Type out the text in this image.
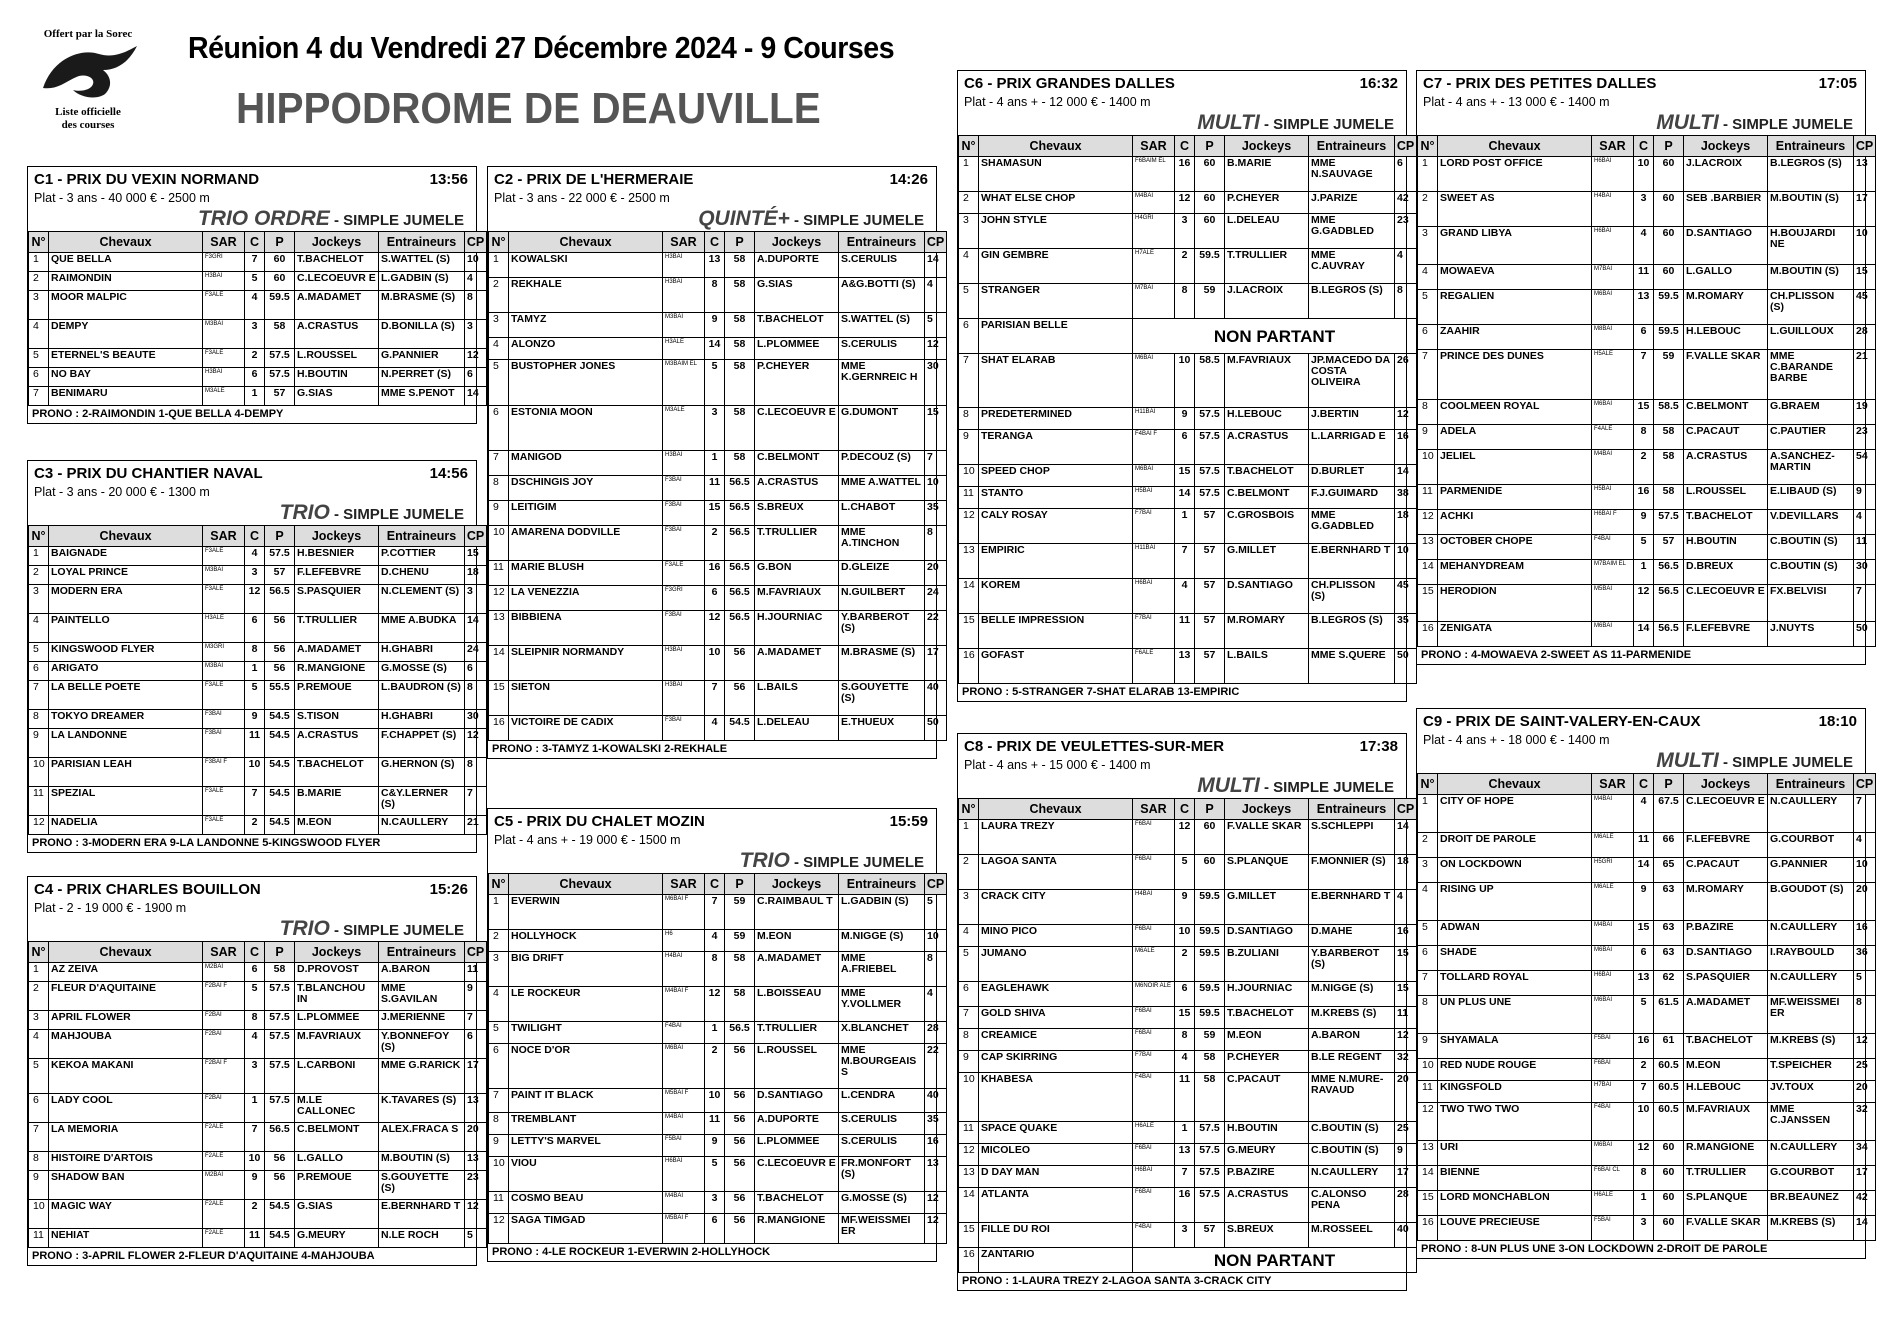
Offert par la Sorec
Liste officielle
des courses
Réunion 4 du Vendredi 27 Décembre 2024 - 9 Courses
HIPPODROME DE DEAUVILLE
C1 - PRIX DU VEXIN NORMAND	13:56
Plat - 3 ans - 40 000 € - 2500 m
TRIO ORDRE - SIMPLE JUMELE
N°	Chevaux	SAR	C	P	Jockeys	Entraineurs	CP
1	QUE BELLA	F3GRI	7	60	T.BACHELOT	S.WATTEL (S)	10
2	RAIMONDIN	H3BAI	5	60	C.LECOEUVR E	L.GADBIN (S)	4
3	MOOR MALPIC	F3ALE	4	59.5	A.MADAMET	M.BRASME (S)	8
4	DEMPY	M3BAI	3	58	A.CRASTUS	D.BONILLA (S)	3
5	ETERNEL'S BEAUTE	F3ALE	2	57.5	L.ROUSSEL	G.PANNIER	12
6	NO BAY	H3BAI	6	57.5	H.BOUTIN	N.PERRET (S)	6
7	BENIMARU	M3ALE	1	57	G.SIAS	MME S.PENOT	14
PRONO : 2-RAIMONDIN 1-QUE BELLA 4-DEMPY
C2 - PRIX DE L'HERMERAIE	14:26
Plat - 3 ans - 22 000 € - 2500 m
QUINTÉ+ - SIMPLE JUMELE
N°	Chevaux	SAR	C	P	Jockeys	Entraineurs	CP
1	KOWALSKI	H3BAI	13	58	A.DUPORTE	S.CERULIS	14
2	REKHALE	H3BAI	8	58	G.SIAS	A&G.BOTTI (S)	4
3	TAMYZ	M3BAI	9	58	T.BACHELOT	S.WATTEL (S)	5
4	ALONZO	H3ALE	14	58	L.PLOMMEE	S.CERULIS	12
5	BUSTOPHER JONES	M3BAIM EL	5	58	P.CHEYER	MME K.GERNREIC H	30
6	ESTONIA MOON	M3ALE	3	58	C.LECOEUVR E	G.DUMONT	15
7	MANIGOD	H3BAI	1	58	C.BELMONT	P.DECOUZ (S)	7
8	DSCHINGIS JOY	F3BAI	11	56.5	A.CRASTUS	MME A.WATTEL	10
9	LEITIGIM	F3BAI	15	56.5	S.BREUX	L.CHABOT	35
10	AMARENA DODVILLE	F3BAI	2	56.5	T.TRULLIER	MME A.TINCHON	8
11	MARIE BLUSH	F3ALE	16	56.5	G.BON	D.GLEIZE	20
12	LA VENEZZIA	F3GRI	6	56.5	M.FAVRIAUX	N.GUILBERT	24
13	BIBBIENA	F3BAI	12	56.5	H.JOURNIAC	Y.BARBEROT (S)	22
14	SLEIPNIR NORMANDY	H3BAI	10	56	A.MADAMET	M.BRASME (S)	17
15	SIETON	H3BAI	7	56	L.BAILS	S.GOUYETTE (S)	40
16	VICTOIRE DE CADIX	F3BAI	4	54.5	L.DELEAU	E.THUEUX	50
PRONO : 3-TAMYZ 1-KOWALSKI 2-REKHALE
C3 - PRIX DU CHANTIER NAVAL	14:56
Plat - 3 ans - 20 000 € - 1300 m
TRIO - SIMPLE JUMELE
N°	Chevaux	SAR	C	P	Jockeys	Entraineurs	CP
1	BAIGNADE	F3ALE	4	57.5	H.BESNIER	P.COTTIER	15
2	LOYAL PRINCE	M3BAI	3	57	F.LEFEBVRE	D.CHENU	18
3	MODERN ERA	F3ALE	12	56.5	S.PASQUIER	N.CLEMENT (S)	3
4	PAINTELLO	H3ALE	6	56	T.TRULLIER	MME A.BUDKA	14
5	KINGSWOOD FLYER	M3GRI	8	56	A.MADAMET	H.GHABRI	24
6	ARIGATO	M3BAI	1	56	R.MANGIONE	G.MOSSE (S)	6
7	LA BELLE POETE	F3ALE	5	55.5	P.REMOUE	L.BAUDRON (S)	8
8	TOKYO DREAMER	F3BAI	9	54.5	S.TISON	H.GHABRI	30
9	LA LANDONNE	F3BAI	11	54.5	A.CRASTUS	F.CHAPPET (S)	12
10	PARISIAN LEAH	F3BAI F	10	54.5	T.BACHELOT	G.HERNON (S)	8
11	SPEZIAL	F3ALE	7	54.5	B.MARIE	C&Y.LERNER (S)	7
12	NADELIA	F3ALE	2	54.5	M.EON	N.CAULLERY	21
PRONO : 3-MODERN ERA 9-LA LANDONNE 5-KINGSWOOD FLYER
C4 - PRIX CHARLES BOUILLON	15:26
Plat - 2 - 19 000 € - 1900 m
TRIO - SIMPLE JUMELE
N°	Chevaux	SAR	C	P	Jockeys	Entraineurs	CP
1	AZ ZEIVA	M2BAI	6	58	D.PROVOST	A.BARON	11
2	FLEUR D'AQUITAINE	F2BAI F	5	57.5	T.BLANCHOU IN	MME S.GAVILAN	9
3	APRIL FLOWER	F2BAI	8	57.5	L.PLOMMEE	J.MERIENNE	7
4	MAHJOUBA	F2BAI	4	57.5	M.FAVRIAUX	Y.BONNEFOY (S)	6
5	KEKOA MAKANI	F2BAI F	3	57.5	L.CARBONI	MME G.RARICK	17
6	LADY COOL	F2BAI	1	57.5	M.LE CALLONEC	K.TAVARES (S)	13
7	LA MEMORIA	F2ALE	7	56.5	C.BELMONT	ALEX.FRACA S	20
8	HISTOIRE D'ARTOIS	F2ALE	10	56	L.GALLO	M.BOUTIN (S)	13
9	SHADOW BAN	M2BAI	9	56	P.REMOUE	S.GOUYETTE (S)	23
10	MAGIC WAY	F2ALE	2	54.5	G.SIAS	E.BERNHARD T	12
11	NEHIAT	F2ALE	11	54.5	G.MEURY	N.LE ROCH	5
PRONO : 3-APRIL FLOWER 2-FLEUR D'AQUITAINE 4-MAHJOUBA
C5 - PRIX DU CHALET MOZIN	15:59
Plat - 4 ans + - 19 000 € - 1500 m
TRIO - SIMPLE JUMELE
N°	Chevaux	SAR	C	P	Jockeys	Entraineurs	CP
1	EVERWIN	M6BAI F	7	59	C.RAIMBAUL T	L.GADBIN (S)	5
2	HOLLYHOCK	H6	4	59	M.EON	M.NIGGE (S)	10
3	BIG DRIFT	H4BAI	8	58	A.MADAMET	MME A.FRIEBEL	8
4	LE ROCKEUR	M4BAI F	12	58	L.BOISSEAU	MME Y.VOLLMER	4
5	TWILIGHT	F4BAI	1	56.5	T.TRULLIER	X.BLANCHET	28
6	NOCE D'OR	M6BAI	2	56	L.ROUSSEL	MME M.BOURGEAIS S	22
7	PAINT IT BLACK	M5BAI F	10	56	D.SANTIAGO	L.CENDRA	40
8	TREMBLANT	M4BAI	11	56	A.DUPORTE	S.CERULIS	35
9	LETTY'S MARVEL	F5BAI	9	56	L.PLOMMEE	S.CERULIS	16
10	VIOU	H6BAI	5	56	C.LECOEUVR E	FR.MONFORT (S)	13
11	COSMO BEAU	M4BAI	3	56	T.BACHELOT	G.MOSSE (S)	12
12	SAGA TIMGAD	M5BAI F	6	56	R.MANGIONE	MF.WEISSMEI ER	12
PRONO : 4-LE ROCKEUR 1-EVERWIN 2-HOLLYHOCK
C6 - PRIX GRANDES DALLES	16:32
Plat - 4 ans + - 12 000 € - 1400 m
MULTI - SIMPLE JUMELE
N°	Chevaux	SAR	C	P	Jockeys	Entraineurs	CP
1	SHAMASUN	F6BAIM EL	16	60	B.MARIE	MME N.SAUVAGE	6
2	WHAT ELSE CHOP	M4BAI	12	60	P.CHEYER	J.PARIZE	42
3	JOHN STYLE	H4GRI	3	60	L.DELEAU	MME G.GADBLED	23
4	GIN GEMBRE	H7ALE	2	59.5	T.TRULLIER	MME C.AUVRAY	4
5	STRANGER	M7BAI	8	59	J.LACROIX	B.LEGROS (S)	8
6	PARISIAN BELLE	NON PARTANT					
7	SHAT ELARAB	M6BAI	10	58.5	M.FAVRIAUX	JP.MACEDO DA COSTA OLIVEIRA	26
8	PREDETERMINED	H11BAI	9	57.5	H.LEBOUC	J.BERTIN	12
9	TERANGA	F4BAI F	6	57.5	A.CRASTUS	L.LARRIGAD E	16
10	SPEED CHOP	M6BAI	15	57.5	T.BACHELOT	D.BURLET	14
11	STANTO	H5BAI	14	57.5	C.BELMONT	F.J.GUIMARD	38
12	CALY ROSAY	F7BAI	1	57	C.GROSBOIS	MME G.GADBLED	18
13	EMPIRIC	H11BAI	7	57	G.MILLET	E.BERNHARD T	10
14	KOREM	H6BAI	4	57	D.SANTIAGO	CH.PLISSON (S)	45
15	BELLE IMPRESSION	F7BAI	11	57	M.ROMARY	B.LEGROS (S)	35
16	GOFAST	F6ALE	13	57	L.BAILS	MME S.QUERE	50
PRONO : 5-STRANGER 7-SHAT ELARAB 13-EMPIRIC
C7 - PRIX DES PETITES DALLES	17:05
Plat - 4 ans + - 13 000 € - 1400 m
MULTI - SIMPLE JUMELE
N°	Chevaux	SAR	C	P	Jockeys	Entraineurs	CP
1	LORD POST OFFICE	H6BAI	10	60	J.LACROIX	B.LEGROS (S)	13
2	SWEET AS	H4BAI	3	60	SEB .BARBIER	M.BOUTIN (S)	17
3	GRAND LIBYA	H6BAI	4	60	D.SANTIAGO	H.BOUJARDI NE	10
4	MOWAEVA	M7BAI	11	60	L.GALLO	M.BOUTIN (S)	15
5	REGALIEN	M6BAI	13	59.5	M.ROMARY	CH.PLISSON (S)	45
6	ZAAHIR	M8BAI	6	59.5	H.LEBOUC	L.GUILLOUX	28
7	PRINCE DES DUNES	H5ALE	7	59	F.VALLE SKAR	MME C.BARANDE BARBE	21
8	COOLMEEN ROYAL	M6BAI	15	58.5	C.BELMONT	G.BRAEM	19
9	ADELA	F4ALE	8	58	C.PACAUT	C.PAUTIER	23
10	JELIEL	M4BAI	2	58	A.CRASTUS	A.SANCHEZ-MARTIN	54
11	PARMENIDE	H5BAI	16	58	L.ROUSSEL	E.LIBAUD (S)	9
12	ACHKI	H6BAI F	9	57.5	T.BACHELOT	V.DEVILLARS	4
13	OCTOBER CHOPE	F4BAI	5	57	H.BOUTIN	C.BOUTIN (S)	11
14	MEHANYDREAM	M7BAIM EL	1	56.5	D.BREUX	C.BOUTIN (S)	30
15	HERODION	M5BAI	12	56.5	C.LECOEUVR E	FX.BELVISI	7
16	ZENIGATA	M6BAI	14	56.5	F.LEFEBVRE	J.NUYTS	50
PRONO : 4-MOWAEVA 2-SWEET AS 11-PARMENIDE
C8 - PRIX DE VEULETTES-SUR-MER	17:38
Plat - 4 ans + - 15 000 € - 1400 m
MULTI - SIMPLE JUMELE
N°	Chevaux	SAR	C	P	Jockeys	Entraineurs	CP
1	LAURA TREZY	F6BAI	12	60	F.VALLE SKAR	S.SCHLEPPI	14
2	LAGOA SANTA	F6BAI	5	60	S.PLANQUE	F.MONNIER (S)	18
3	CRACK CITY	H4BAI	9	59.5	G.MILLET	E.BERNHARD T	4
4	MINO PICO	F6BAI	10	59.5	D.SANTIAGO	D.MAHE	16
5	JUMANO	M6ALE	2	59.5	B.ZULIANI	Y.BARBEROT (S)	15
6	EAGLEHAWK	M6NOIR ALE	6	59.5	H.JOURNIAC	M.NIGGE (S)	15
7	GOLD SHIVA	F6BAI	15	59.5	T.BACHELOT	M.KREBS (S)	11
8	CREAMICE	F6BAI	8	59	M.EON	A.BARON	12
9	CAP SKIRRING	F7BAI	4	58	P.CHEYER	B.LE REGENT	32
10	KHABESA	F4BAI	11	58	C.PACAUT	MME N.MURE-RAVAUD	20
11	SPACE QUAKE	H6ALE	1	57.5	H.BOUTIN	C.BOUTIN (S)	25
12	MICOLEO	F6BAI	13	57.5	G.MEURY	C.BOUTIN (S)	9
13	D DAY MAN	H6BAI	7	57.5	P.BAZIRE	N.CAULLERY	17
14	ATLANTA	F6BAI	16	57.5	A.CRASTUS	C.ALONSO PENA	28
15	FILLE DU ROI	F4BAI	3	57	S.BREUX	M.ROSSEEL	40
16	ZANTARIO	NON PARTANT					
PRONO : 1-LAURA TREZY 2-LAGOA SANTA 3-CRACK CITY
C9 - PRIX DE SAINT-VALERY-EN-CAUX	18:10
Plat - 4 ans + - 18 000 € - 1400 m
MULTI - SIMPLE JUMELE
N°	Chevaux	SAR	C	P	Jockeys	Entraineurs	CP
1	CITY OF HOPE	M4BAI	4	67.5	C.LECOEUVR E	N.CAULLERY	7
2	DROIT DE PAROLE	M6ALE	11	66	F.LEFEBVRE	G.COURBOT	4
3	ON LOCKDOWN	H5GRI	14	65	C.PACAUT	G.PANNIER	10
4	RISING UP	M6ALE	9	63	M.ROMARY	B.GOUDOT (S)	20
5	ADWAN	M4BAI	15	63	P.BAZIRE	N.CAULLERY	16
6	SHADE	M6BAI	6	63	D.SANTIAGO	I.RAYBOULD	36
7	TOLLARD ROYAL	H6BAI	13	62	S.PASQUIER	N.CAULLERY	5
8	UN PLUS UNE	M6BAI	5	61.5	A.MADAMET	MF.WEISSMEI ER	8
9	SHYAMALA	F5BAI	16	61	T.BACHELOT	M.KREBS (S)	12
10	RED NUDE ROUGE	F6BAI	2	60.5	M.EON	T.SPEICHER	25
11	KINGSFOLD	H7BAI	7	60.5	H.LEBOUC	JV.TOUX	20
12	TWO TWO TWO	F4BAI	10	60.5	M.FAVRIAUX	MME C.JANSSEN	32
13	URI	M6BAI	12	60	R.MANGIONE	N.CAULLERY	34
14	BIENNE	F6BAI CL	8	60	T.TRULLIER	G.COURBOT	17
15	LORD MONCHABLON	H6ALE	1	60	S.PLANQUE	BR.BEAUNEZ	42
16	LOUVE PRECIEUSE	F5BAI	3	60	F.VALLE SKAR	M.KREBS (S)	14
PRONO : 8-UN PLUS UNE 3-ON LOCKDOWN 2-DROIT DE PAROLE
